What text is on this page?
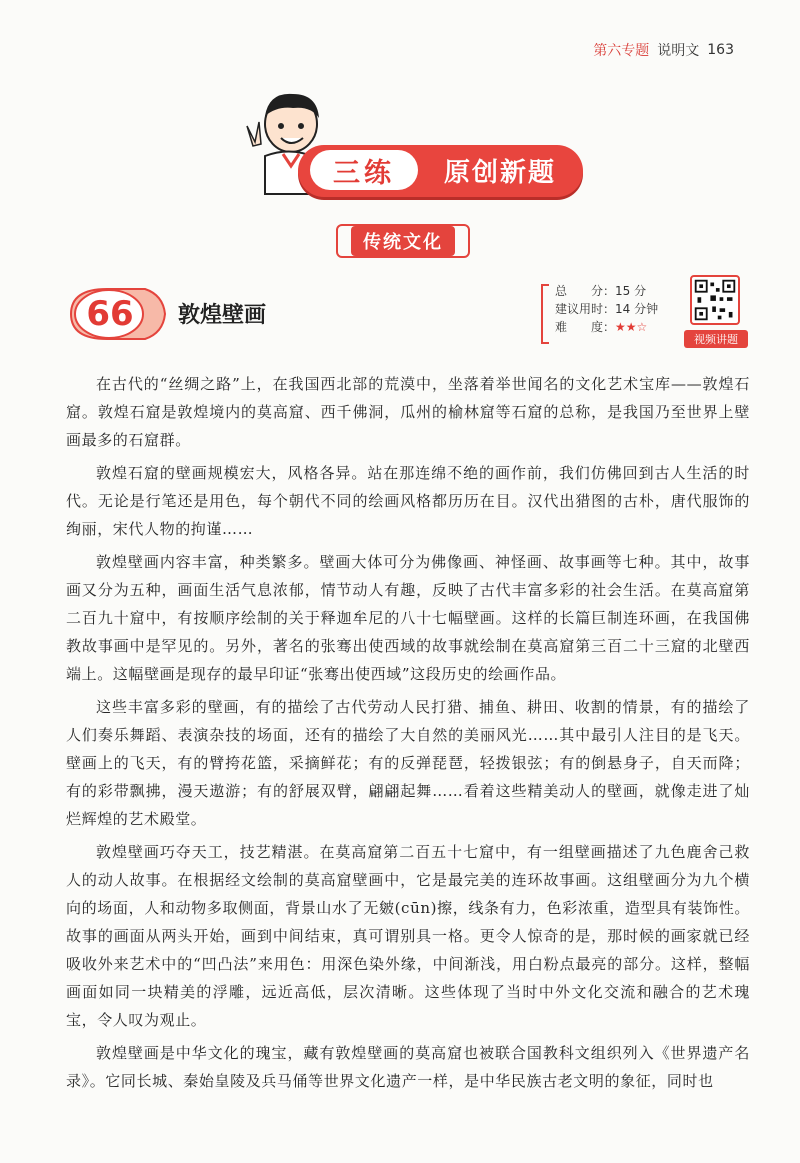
第六专题 说明文 163
三练	原创新题
传统文化
66	敦煌壁画
总　　分：15 分
建议用时：14 分钟
难　　度：★★☆
视频讲题

在古代的“丝绸之路”上，在我国西北部的荒漠中，坐落着举世闻名的文化艺术宝库——敦煌石窟。敦煌石窟是敦煌境内的莫高窟、西千佛洞，瓜州的榆林窟等石窟的总称，是我国乃至世界上壁画最多的石窟群。

敦煌石窟的壁画规模宏大，风格各异。站在那连绵不绝的画作前，我们仿佛回到古人生活的时代。无论是行笔还是用色，每个朝代不同的绘画风格都历历在目。汉代出猎图的古朴，唐代服饰的绚丽，宋代人物的拘谨……

敦煌壁画内容丰富，种类繁多。壁画大体可分为佛像画、神怪画、故事画等七种。其中，故事画又分为五种，画面生活气息浓郁，情节动人有趣，反映了古代丰富多彩的社会生活。在莫高窟第二百九十窟中，有按顺序绘制的关于释迦牟尼的八十七幅壁画。这样的长篇巨制连环画，在我国佛教故事画中是罕见的。另外，著名的张骞出使西域的故事就绘制在莫高窟第三百二十三窟的北壁西端上。这幅壁画是现存的最早印证“张骞出使西域”这段历史的绘画作品。

这些丰富多彩的壁画，有的描绘了古代劳动人民打猎、捕鱼、耕田、收割的情景，有的描绘了人们奏乐舞蹈、表演杂技的场面，还有的描绘了大自然的美丽风光……其中最引人注目的是飞天。壁画上的飞天，有的臂挎花篮，采摘鲜花；有的反弹琵琶，轻拨银弦；有的倒悬身子，自天而降；有的彩带飘拂，漫天遨游；有的舒展双臂，翩翩起舞……看着这些精美动人的壁画，就像走进了灿烂辉煌的艺术殿堂。

敦煌壁画巧夺天工，技艺精湛。在莫高窟第二百五十七窟中，有一组壁画描述了九色鹿舍己救人的动人故事。在根据经文绘制的莫高窟壁画中，它是最完美的连环故事画。这组壁画分为九个横向的场面，人和动物多取侧面，背景山水了无皴(cūn)擦，线条有力，色彩浓重，造型具有装饰性。故事的画面从两头开始，画到中间结束，真可谓别具一格。更令人惊奇的是，那时候的画家就已经吸收外来艺术中的“凹凸法”来用色：用深色染外缘，中间渐浅，用白粉点最亮的部分。这样，整幅画面如同一块精美的浮雕，远近高低，层次清晰。这些体现了当时中外文化交流和融合的艺术瑰宝，令人叹为观止。

敦煌壁画是中华文化的瑰宝，藏有敦煌壁画的莫高窟也被联合国教科文组织列入《世界遗产名录》。它同长城、秦始皇陵及兵马俑等世界文化遗产一样，是中华民族古老文明的象征，同时也
